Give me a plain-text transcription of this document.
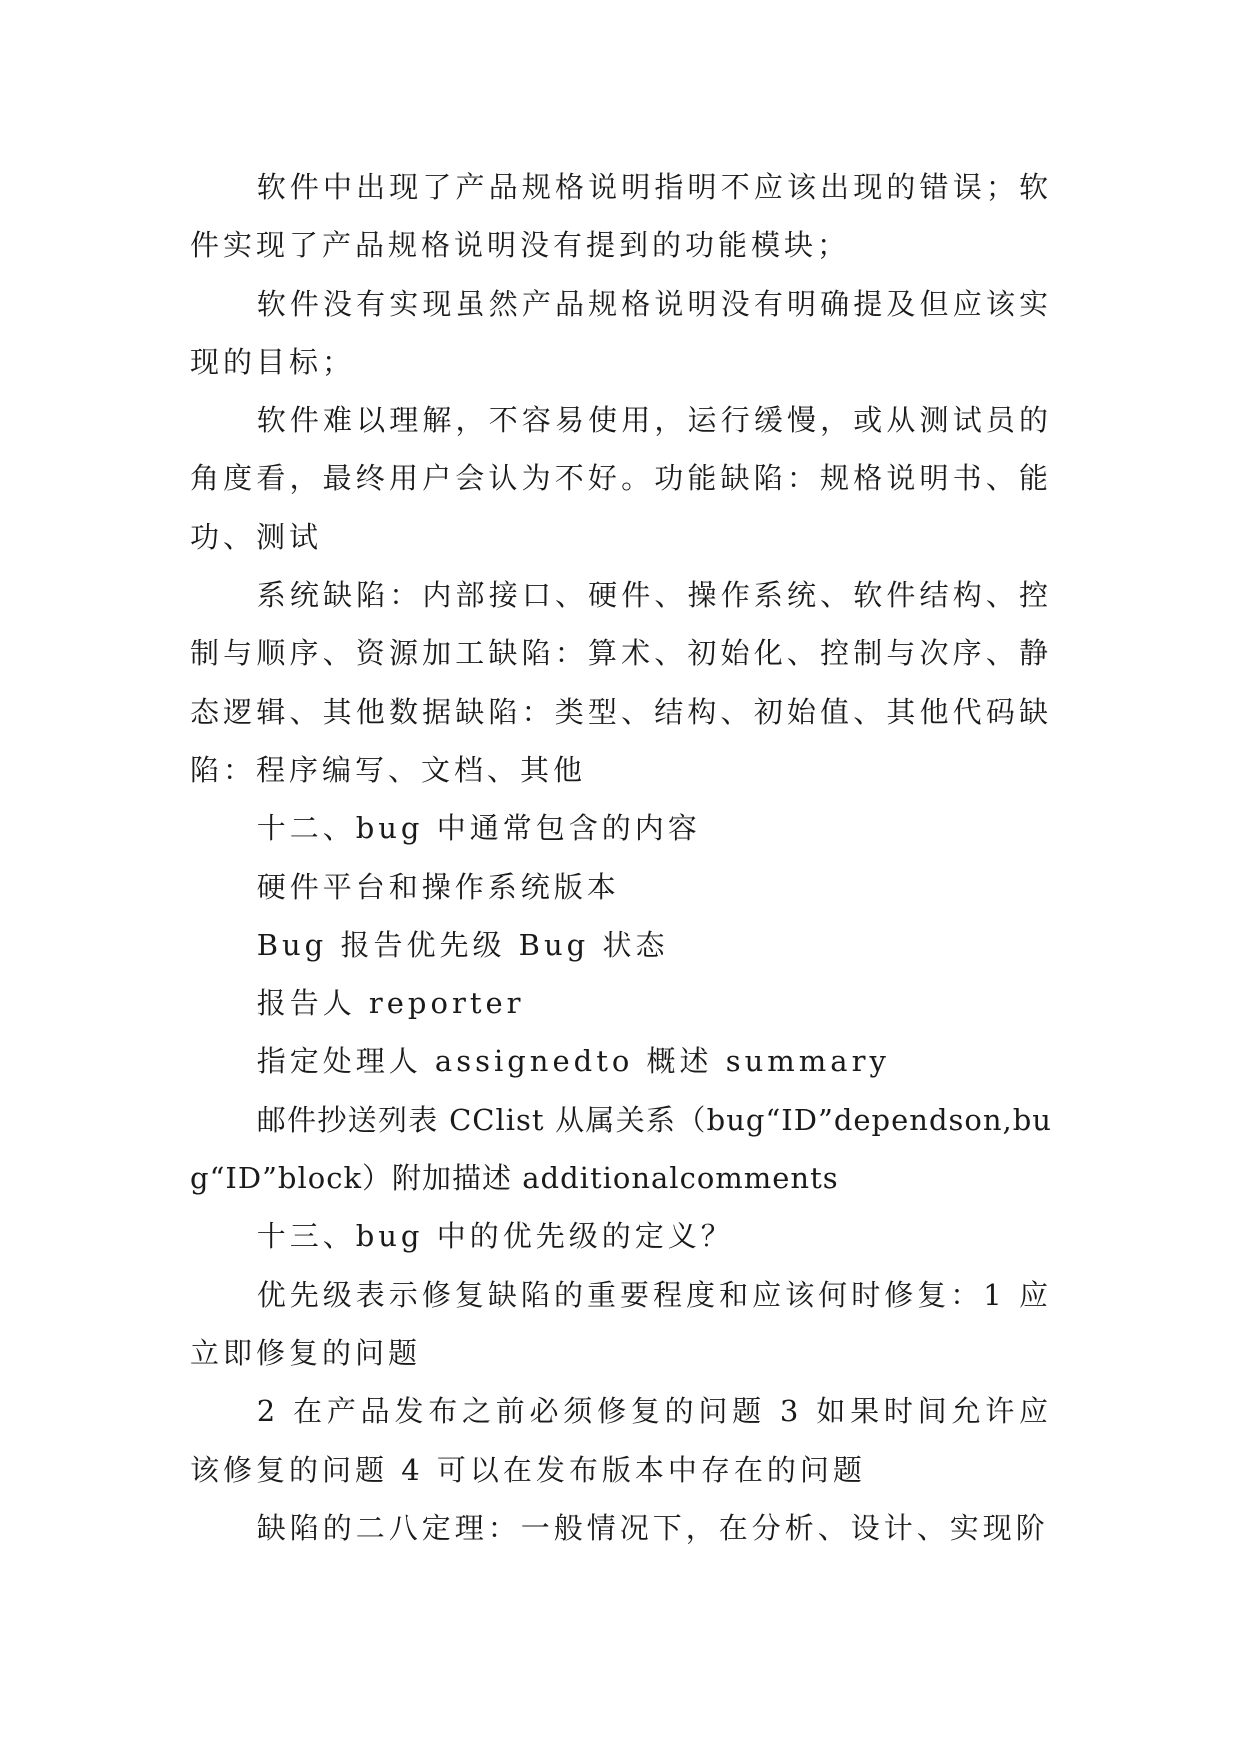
软件中出现了产品规格说明指明不应该出现的错误；软件实现了产品规格说明没有提到的功能模块；

软件没有实现虽然产品规格说明没有明确提及但应该实现的目标；

软件难以理解，不容易使用，运行缓慢，或从测试员的角度看，最终用户会认为不好。功能缺陷：规格说明书、能功、测试

系统缺陷：内部接口、硬件、操作系统、软件结构、控制与顺序、资源加工缺陷：算术、初始化、控制与次序、静态逻辑、其他数据缺陷：类型、结构、初始值、其他代码缺陷：程序编写、文档、其他

十二、bug 中通常包含的内容

硬件平台和操作系统版本

Bug 报告优先级 Bug 状态

报告人 reporter

指定处理人 assignedto 概述 summary

邮件抄送列表 CClist 从属关系（bug“ID”dependson,bug“ID”block）附加描述 additionalcomments

十三、bug 中的优先级的定义？

优先级表示修复缺陷的重要程度和应该何时修复：1 应立即修复的问题

2 在产品发布之前必须修复的问题 3 如果时间允许应该修复的问题 4 可以在发布版本中存在的问题

缺陷的二八定理：一般情况下，在分析、设计、实现阶
